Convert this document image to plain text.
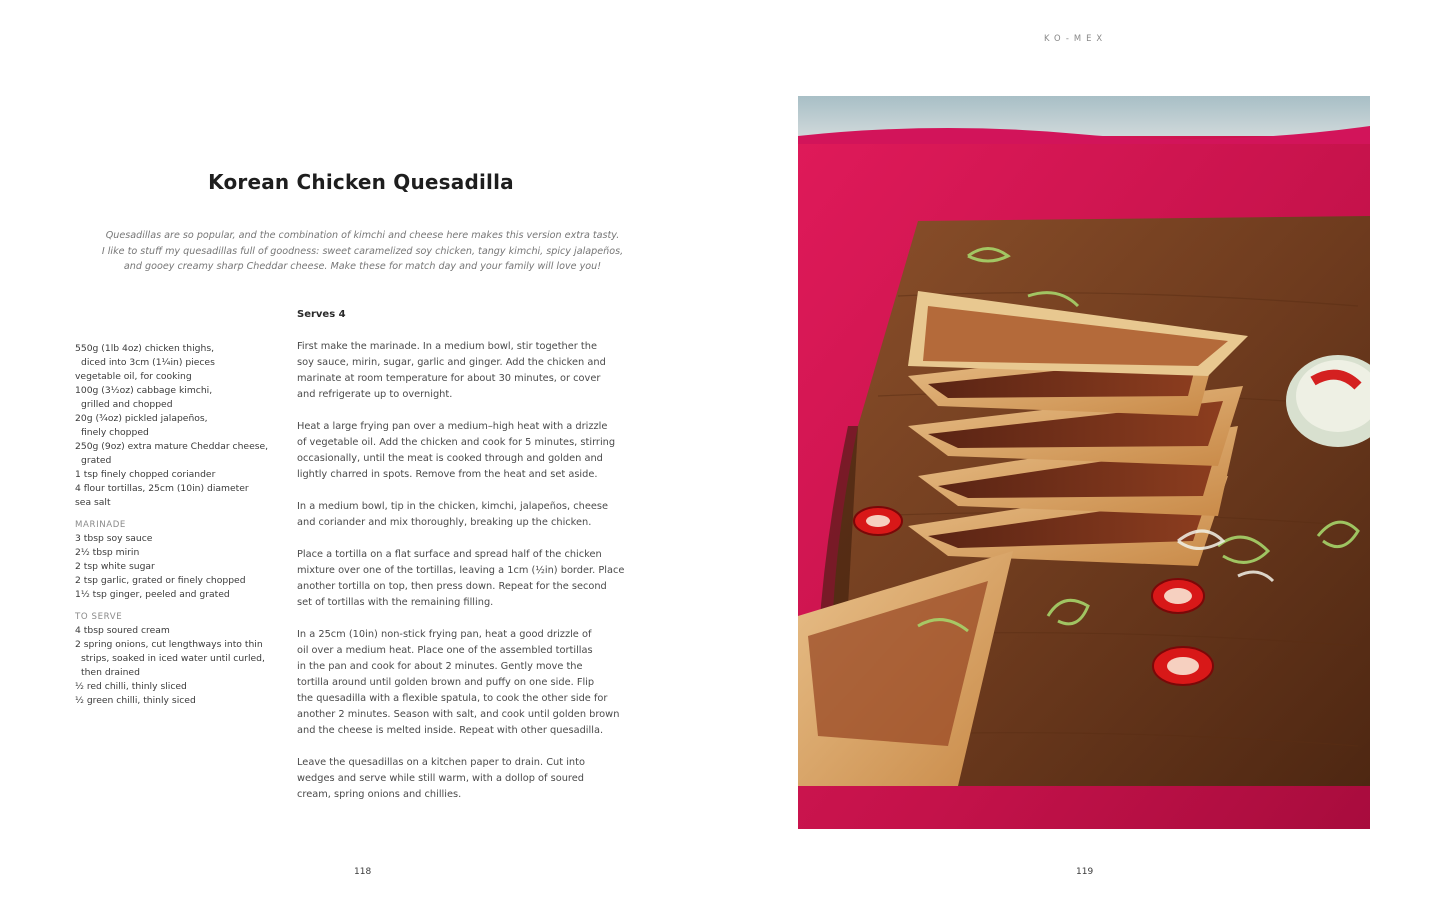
Korean Chicken Quesadilla
Quesadillas are so popular, and the combination of kimchi and cheese here makes this version extra tasty.
I like to stuff my quesadillas full of goodness: sweet caramelized soy chicken, tangy kimchi, spicy jalapeños,
and gooey creamy sharp Cheddar cheese. Make these for match day and your family will love you!
550g (1lb 4oz) chicken thighs,
diced into 3cm (1¼in) pieces
vegetable oil, for cooking
100g (3½oz) cabbage kimchi,
grilled and chopped
20g (¾oz) pickled jalapeños,
finely chopped
250g (9oz) extra mature Cheddar cheese,
grated
1 tsp finely chopped coriander
4 flour tortillas, 25cm (10in) diameter
sea salt
MARINADE
3 tbsp soy sauce
2½ tbsp mirin
2 tsp white sugar
2 tsp garlic, grated or finely chopped
1½ tsp ginger, peeled and grated
TO SERVE
4 tbsp soured cream
2 spring onions, cut lengthways into thin
strips, soaked in iced water until curled,
then drained
½ red chilli, thinly sliced
½ green chilli, thinly siced
Serves 4
First make the marinade. In a medium bowl, stir together the
soy sauce, mirin, sugar, garlic and ginger. Add the chicken and
marinate at room temperature for about 30 minutes, or cover
and refrigerate up to overnight.
Heat a large frying pan over a medium–high heat with a drizzle
of vegetable oil. Add the chicken and cook for 5 minutes, stirring
occasionally, until the meat is cooked through and golden and
lightly charred in spots. Remove from the heat and set aside.
In a medium bowl, tip in the chicken, kimchi, jalapeños, cheese
and coriander and mix thoroughly, breaking up the chicken.
Place a tortilla on a flat surface and spread half of the chicken
mixture over one of the tortillas, leaving a 1cm (½in) border. Place
another tortilla on top, then press down. Repeat for the second
set of tortillas with the remaining filling.
In a 25cm (10in) non-stick frying pan, heat a good drizzle of
oil over a medium heat. Place one of the assembled tortillas
in the pan and cook for about 2 minutes. Gently move the
tortilla around until golden brown and puffy on one side. Flip
the quesadilla with a flexible spatula, to cook the other side for
another 2 minutes. Season with salt, and cook until golden brown
and the cheese is melted inside. Repeat with other quesadilla.
Leave the quesadillas on a kitchen paper to drain. Cut into
wedges and serve while still warm, with a dollop of soured
cream, spring onions and chillies.
118
KO-MEX
119
